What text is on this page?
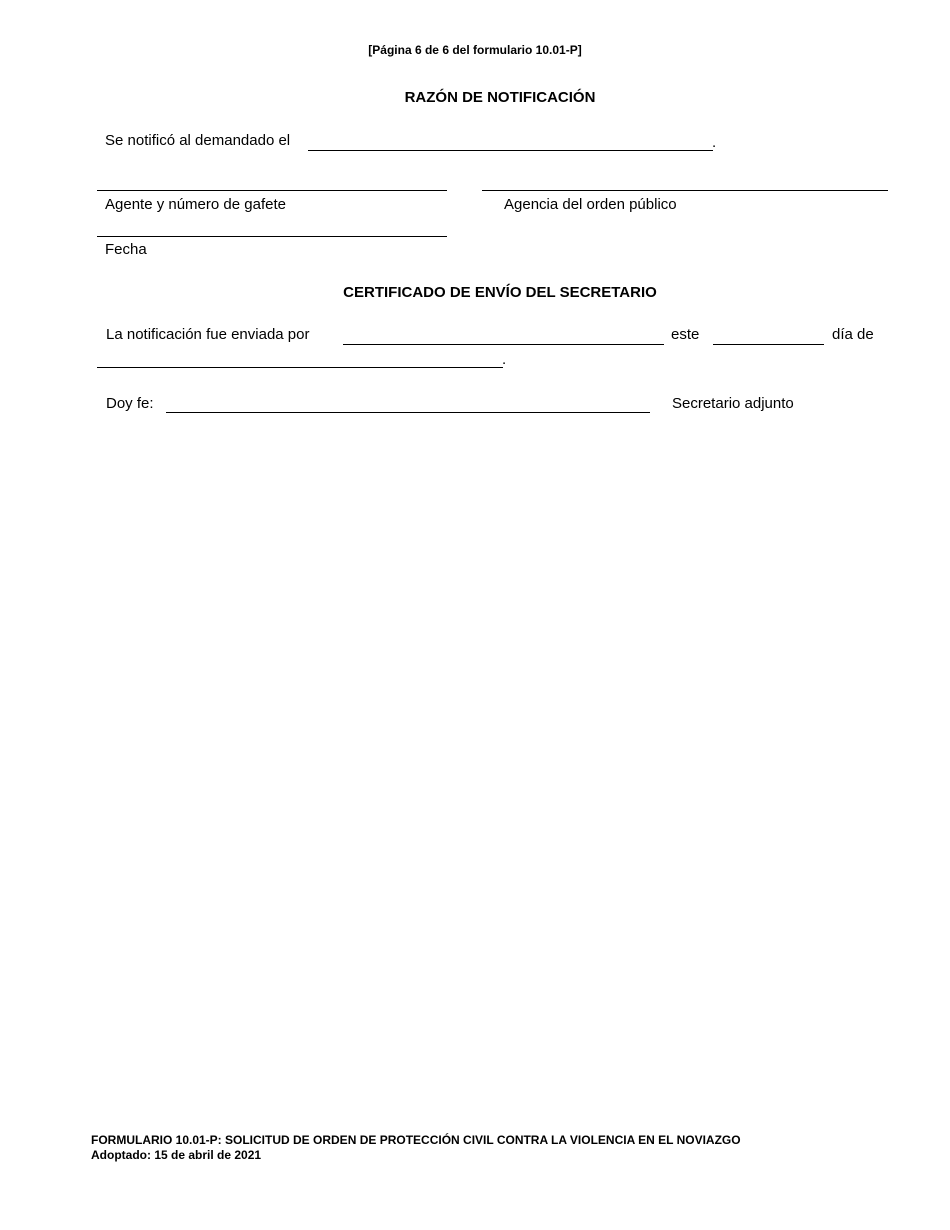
[Página 6 de 6 del formulario 10.01-P]
RAZÓN DE NOTIFICACIÓN
Se notificó al demandado el	.
Agente y número de gafete	Agencia del orden público
Fecha
CERTIFICADO DE ENVÍO DEL SECRETARIO
La notificación fue enviada por	este	día de
.
Doy fe:	Secretario adjunto
FORMULARIO 10.01-P: SOLICITUD DE ORDEN DE PROTECCIÓN CIVIL CONTRA LA VIOLENCIA EN EL NOVIAZGO
Adoptado: 15 de abril de 2021
